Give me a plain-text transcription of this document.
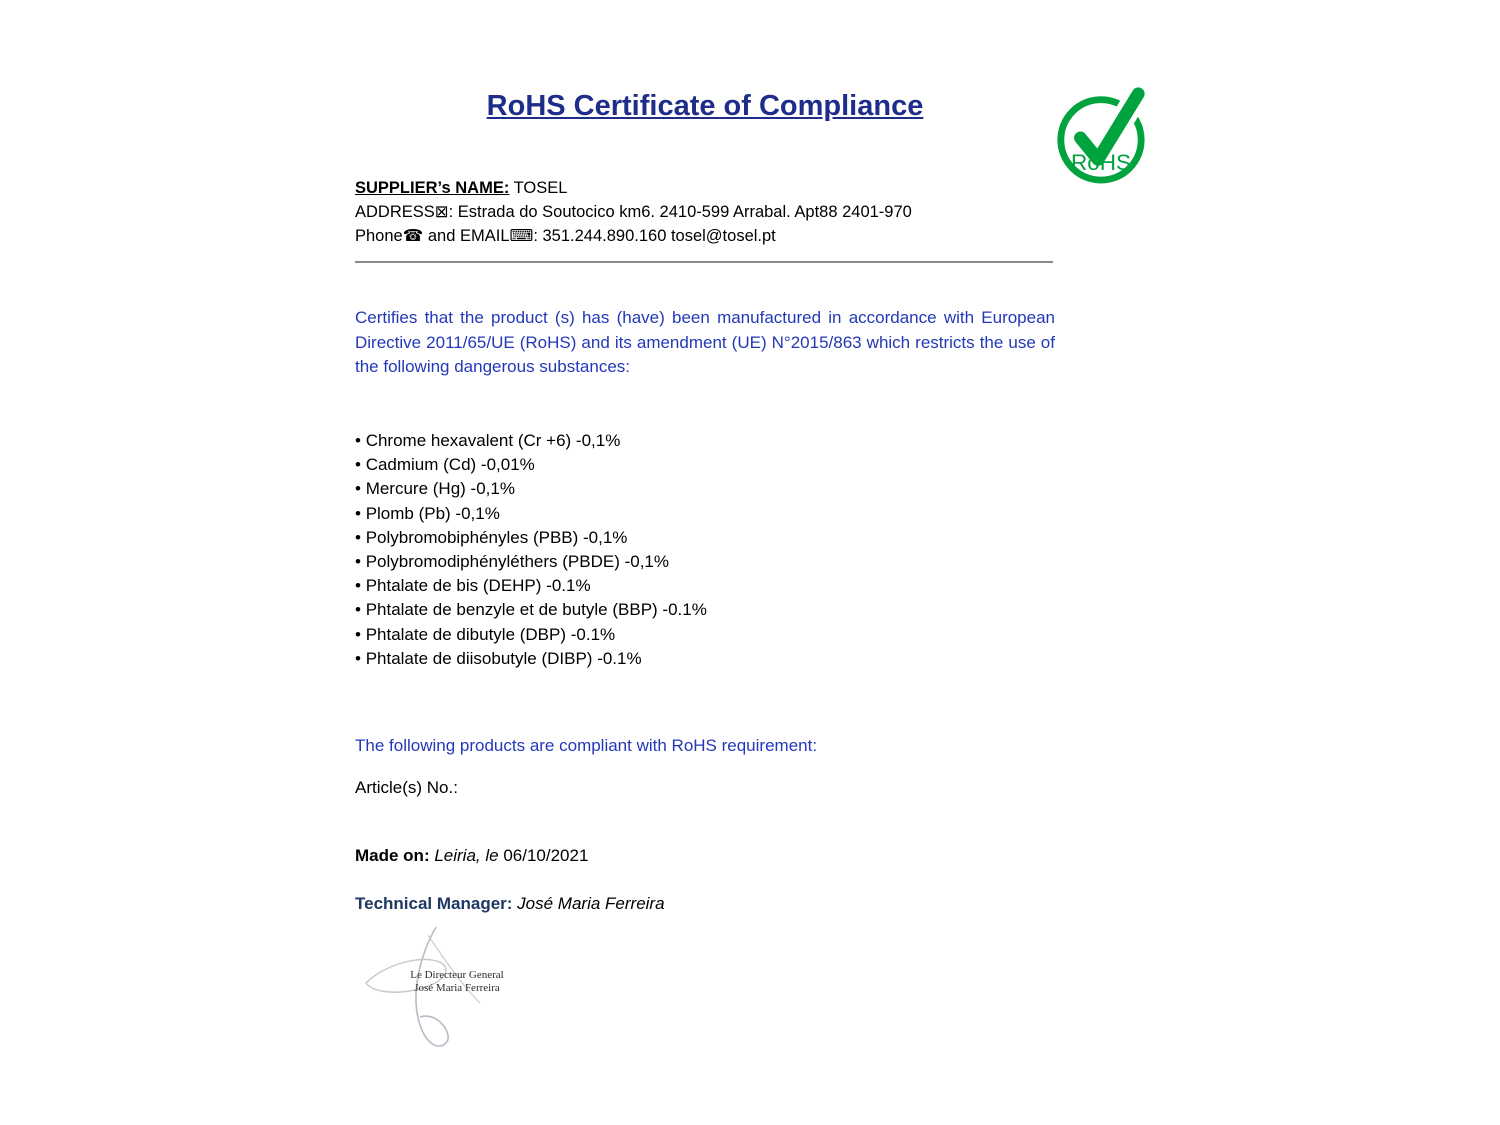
RoHS Certificate of Compliance
RoHS
SUPPLIER’s NAME: TOSEL
ADDRESS⊠: Estrada do Soutocico km6. 2410-599 Arrabal. Apt88 2401-970
Phone☎ and EMAIL⌨: 351.244.890.160 tosel@tosel.pt
Certifies that the product (s) has (have) been manufactured in accordance with European Directive 2011/65/UE (RoHS) and its amendment (UE) N°2015/863 which restricts the use of the following dangerous substances:
• Chrome hexavalent (Cr +6) -0,1%
• Cadmium (Cd) -0,01%
• Mercure (Hg) -0,1%
• Plomb (Pb) -0,1%
• Polybromobiphényles (PBB) -0,1%
• Polybromodiphényléthers (PBDE) -0,1%
• Phtalate de bis (DEHP) -0.1%
• Phtalate de benzyle et de butyle (BBP) -0.1%
• Phtalate de dibutyle (DBP) -0.1%
• Phtalate de diisobutyle (DIBP) -0.1%
The following products are compliant with RoHS requirement:
Article(s) No.:
Made on: Leiria, le 06/10/2021
Technical Manager: José Maria Ferreira
Le Directeur General
José Maria Ferreira
